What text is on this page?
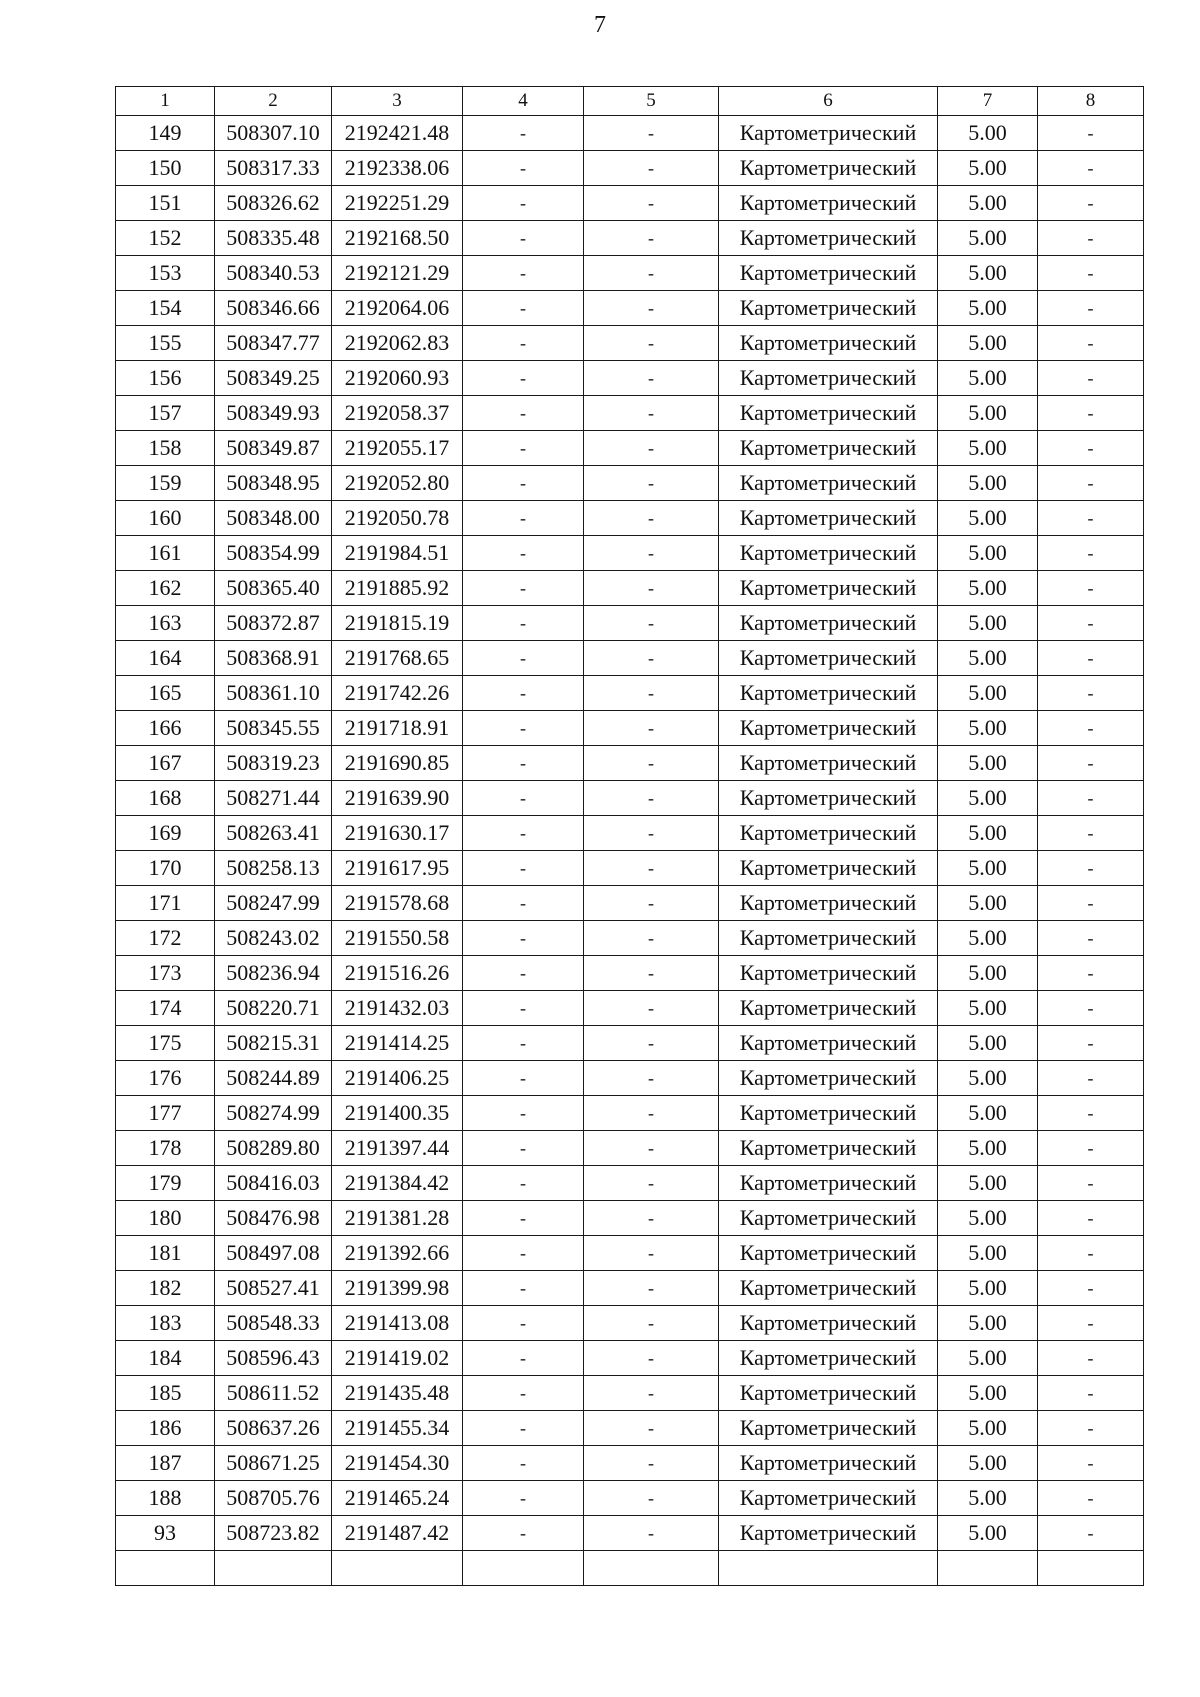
7
1	2	3	4	5	6	7	8
149	508307.10	2192421.48	-	-	Картометрический	5.00	-
150	508317.33	2192338.06	-	-	Картометрический	5.00	-
151	508326.62	2192251.29	-	-	Картометрический	5.00	-
152	508335.48	2192168.50	-	-	Картометрический	5.00	-
153	508340.53	2192121.29	-	-	Картометрический	5.00	-
154	508346.66	2192064.06	-	-	Картометрический	5.00	-
155	508347.77	2192062.83	-	-	Картометрический	5.00	-
156	508349.25	2192060.93	-	-	Картометрический	5.00	-
157	508349.93	2192058.37	-	-	Картометрический	5.00	-
158	508349.87	2192055.17	-	-	Картометрический	5.00	-
159	508348.95	2192052.80	-	-	Картометрический	5.00	-
160	508348.00	2192050.78	-	-	Картометрический	5.00	-
161	508354.99	2191984.51	-	-	Картометрический	5.00	-
162	508365.40	2191885.92	-	-	Картометрический	5.00	-
163	508372.87	2191815.19	-	-	Картометрический	5.00	-
164	508368.91	2191768.65	-	-	Картометрический	5.00	-
165	508361.10	2191742.26	-	-	Картометрический	5.00	-
166	508345.55	2191718.91	-	-	Картометрический	5.00	-
167	508319.23	2191690.85	-	-	Картометрический	5.00	-
168	508271.44	2191639.90	-	-	Картометрический	5.00	-
169	508263.41	2191630.17	-	-	Картометрический	5.00	-
170	508258.13	2191617.95	-	-	Картометрический	5.00	-
171	508247.99	2191578.68	-	-	Картометрический	5.00	-
172	508243.02	2191550.58	-	-	Картометрический	5.00	-
173	508236.94	2191516.26	-	-	Картометрический	5.00	-
174	508220.71	2191432.03	-	-	Картометрический	5.00	-
175	508215.31	2191414.25	-	-	Картометрический	5.00	-
176	508244.89	2191406.25	-	-	Картометрический	5.00	-
177	508274.99	2191400.35	-	-	Картометрический	5.00	-
178	508289.80	2191397.44	-	-	Картометрический	5.00	-
179	508416.03	2191384.42	-	-	Картометрический	5.00	-
180	508476.98	2191381.28	-	-	Картометрический	5.00	-
181	508497.08	2191392.66	-	-	Картометрический	5.00	-
182	508527.41	2191399.98	-	-	Картометрический	5.00	-
183	508548.33	2191413.08	-	-	Картометрический	5.00	-
184	508596.43	2191419.02	-	-	Картометрический	5.00	-
185	508611.52	2191435.48	-	-	Картометрический	5.00	-
186	508637.26	2191455.34	-	-	Картометрический	5.00	-
187	508671.25	2191454.30	-	-	Картометрический	5.00	-
188	508705.76	2191465.24	-	-	Картометрический	5.00	-
93	508723.82	2191487.42	-	-	Картометрический	5.00	-
